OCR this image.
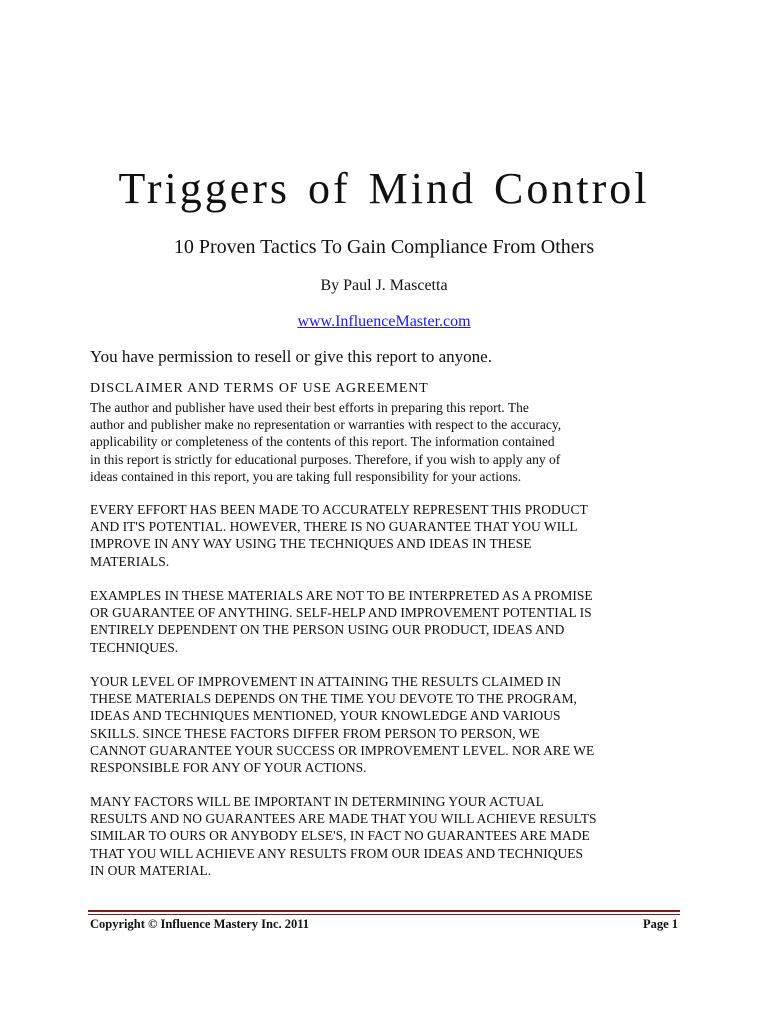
Triggers of Mind Control

10 Proven Tactics To Gain Compliance From Others

By Paul J. Mascetta

www.InfluenceMaster.com

You have permission to resell or give this report to anyone.

DISCLAIMER AND TERMS OF USE AGREEMENT

The author and publisher have used their best efforts in preparing this report. The
author and publisher make no representation or warranties with respect to the accuracy,
applicability or completeness of the contents of this report. The information contained
in this report is strictly for educational purposes. Therefore, if you wish to apply any of
ideas contained in this report, you are taking full responsibility for your actions.
EVERY EFFORT HAS BEEN MADE TO ACCURATELY REPRESENT THIS PRODUCT
AND IT'S POTENTIAL. HOWEVER, THERE IS NO GUARANTEE THAT YOU WILL
IMPROVE IN ANY WAY USING THE TECHNIQUES AND IDEAS IN THESE
MATERIALS.
EXAMPLES IN THESE MATERIALS ARE NOT TO BE INTERPRETED AS A PROMISE
OR GUARANTEE OF ANYTHING. SELF-HELP AND IMPROVEMENT POTENTIAL IS
ENTIRELY DEPENDENT ON THE PERSON USING OUR PRODUCT, IDEAS AND
TECHNIQUES.
YOUR LEVEL OF IMPROVEMENT IN ATTAINING THE RESULTS CLAIMED IN
THESE MATERIALS DEPENDS ON THE TIME YOU DEVOTE TO THE PROGRAM,
IDEAS AND TECHNIQUES MENTIONED, YOUR KNOWLEDGE AND VARIOUS
SKILLS. SINCE THESE FACTORS DIFFER FROM PERSON TO PERSON, WE
CANNOT GUARANTEE YOUR SUCCESS OR IMPROVEMENT LEVEL. NOR ARE WE
RESPONSIBLE FOR ANY OF YOUR ACTIONS.
MANY FACTORS WILL BE IMPORTANT IN DETERMINING YOUR ACTUAL
RESULTS AND NO GUARANTEES ARE MADE THAT YOU WILL ACHIEVE RESULTS
SIMILAR TO OURS OR ANYBODY ELSE'S, IN FACT NO GUARANTEES ARE MADE
THAT YOU WILL ACHIEVE ANY RESULTS FROM OUR IDEAS AND TECHNIQUES
IN OUR MATERIAL.

Copyright © Influence Mastery Inc. 2011	Page 1
